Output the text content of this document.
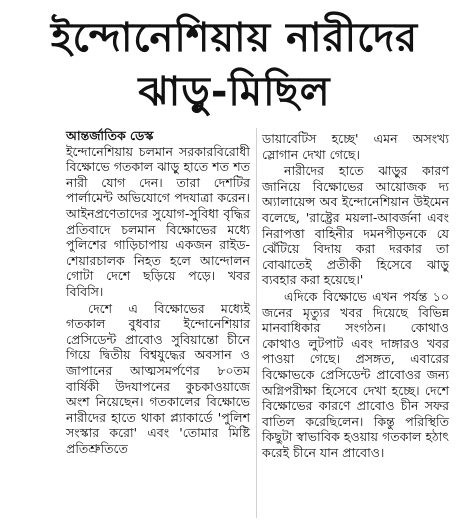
ইন্দোনেশিয়ায় নারীদের
ঝাড়ু-মিছিল
আন্তর্জাতিক ডেস্ক

ইন্দোনেশিয়ায় চলমান সরকারবিরোধী বিক্ষোভে গতকাল ঝাড়ু হাতে শত শত নারী যোগ দেন। তারা দেশটির পার্লামেন্ট অভিযোগে পদযাত্রা করেন। আইনপ্রণেতাদের সুযোগ-সুবিধা বৃদ্ধির প্রতিবাদে চলমান বিক্ষোভের মধ্যে পুলিশের গাড়িচাপায় একজন রাইড-শেয়ারচালক নিহত হলে আন্দোলন গোটা দেশে ছড়িয়ে পড়ে। খবর বিবিসি।

দেশে এ বিক্ষোভের মধ্যেই গতকাল বুধবার ইন্দোনেশিয়ার প্রেসিডেন্ট প্রাবোও সুবিয়ান্তো চীনে গিয়ে দ্বিতীয় বিশ্বযুদ্ধের অবসান ও জাপানের আত্মসমর্পণের ৮০তম বার্ষিকী উদযাপনের কুচকাওয়াজে অংশ নিয়েছেন। গতকালের বিক্ষোভে নারীদের হাতে থাকা প্ল্যাকার্ডে 'পুলিশ সংস্কার করো' এবং 'তোমার মিষ্টি প্রতিশ্রুতিতে

ডায়াবেটিস হচ্ছে' এমন অসংখ্য স্লোগান দেখা গেছে।

নারীদের হাতে ঝাড়ুর কারণ জানিয়ে বিক্ষোভের আয়োজক দ্য অ্যালায়েন্স অব ইন্দোনেশিয়ান উইমেন বলেছে, 'রাষ্ট্রের ময়লা-আবর্জনা এবং নিরাপত্তা বাহিনীর দমনপীড়নকে যে ঝেঁটিয়ে বিদায় করা দরকার তা বোঝাতেই প্রতীকী হিসেবে ঝাড়ু ব্যবহার করা হয়েছে।'

এদিকে বিক্ষোভে এখন পর্যন্ত ১০ জনের মৃত্যুর খবর দিয়েছে বিভিন্ন মানবাধিকার সংগঠন। কোথাও কোথাও লুটপাট এবং দাঙ্গারও খবর পাওয়া গেছে। প্রসঙ্গত, এবারের বিক্ষোভকে প্রেসিডেন্ট প্রাবোওর জন্য অগ্নিপরীক্ষা হিসেবে দেখা হচ্ছে। দেশে বিক্ষোভের কারণে প্রাবোও চীন সফর বাতিল করেছিলেন। কিন্তু পরিস্থিতি কিছুটা স্বাভাবিক হওয়ায় গতকাল হঠাৎ করেই চীনে যান প্রাবোও।
